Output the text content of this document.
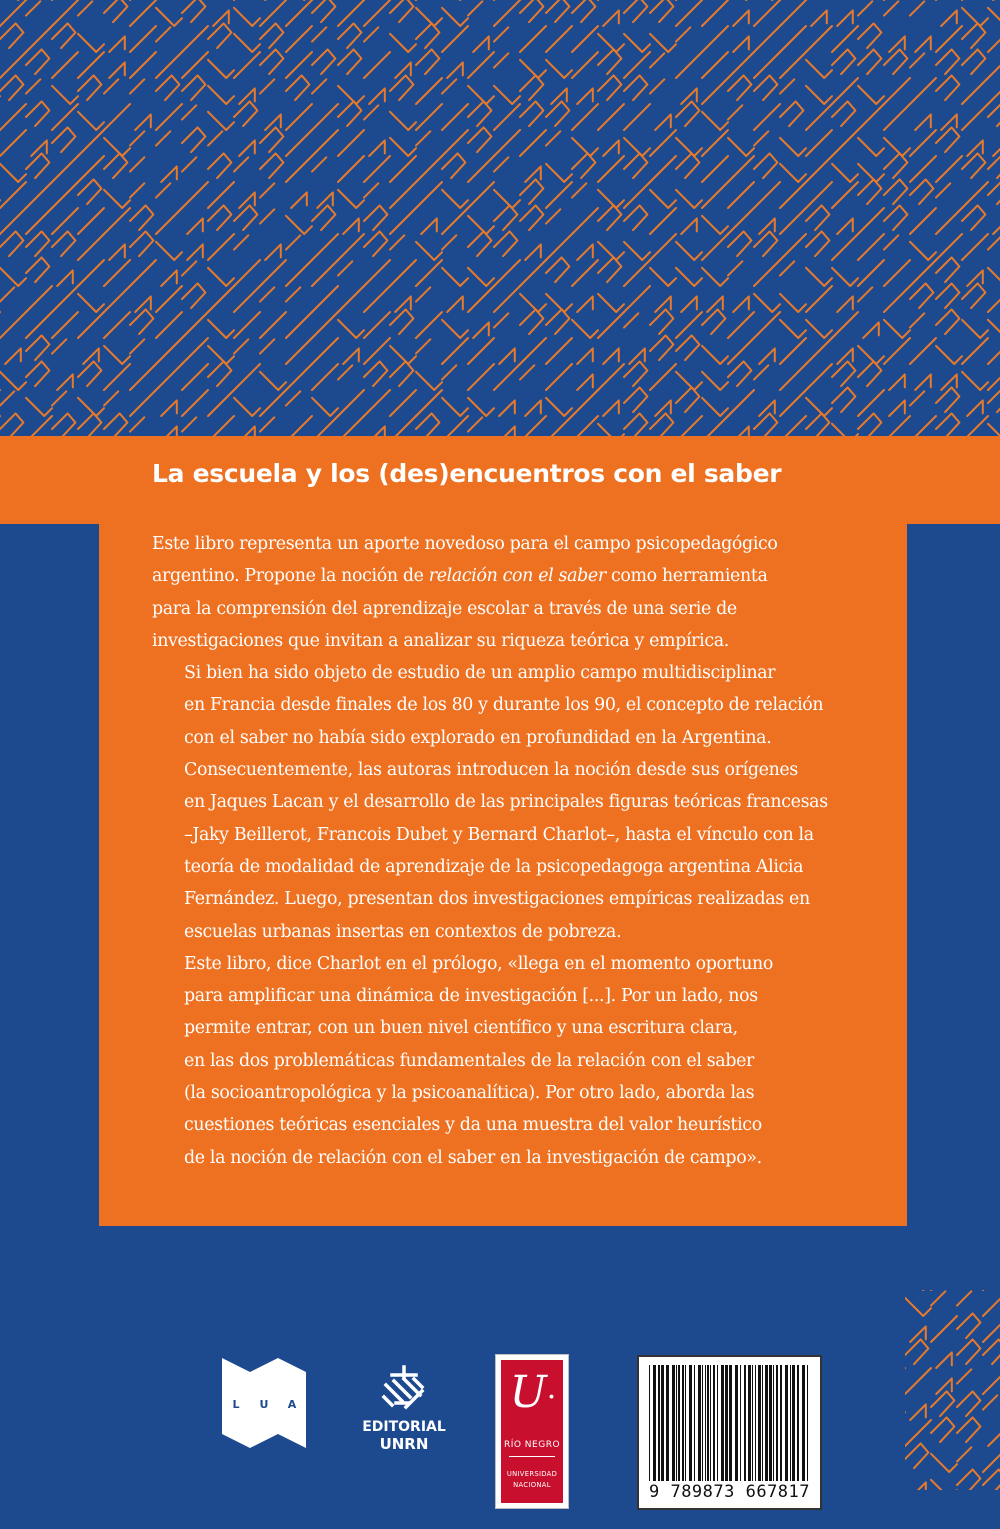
La escuela y los (des)encuentros con el saber

Este libro representa un aporte novedoso para el campo psicopedagógico
argentino. Propone la noción de relación con el saber como herramienta
para la comprensión del aprendizaje escolar a través de una serie de
investigaciones que invitan a analizar su riqueza teórica y empírica.

Si bien ha sido objeto de estudio de un amplio campo multidisciplinar
en Francia desde finales de los 80 y durante los 90, el concepto de relación
con el saber no había sido explorado en profundidad en la Argentina.
Consecuentemente, las autoras introducen la noción desde sus orígenes
en Jaques Lacan y el desarrollo de las principales figuras teóricas francesas
–Jaky Beillerot, Francois Dubet y Bernard Charlot–, hasta el vínculo con la
teoría de modalidad de aprendizaje de la psicopedagoga argentina Alicia
Fernández. Luego, presentan dos investigaciones empíricas realizadas en
escuelas urbanas insertas en contextos de pobreza.

Este libro, dice Charlot en el prólogo, «llega en el momento oportuno
para amplificar una dinámica de investigación [...]. Por un lado, nos
permite entrar, con un buen nivel científico y una escritura clara,
en las dos problemáticas fundamentales de la relación con el saber
(la socioantropológica y la psicoanalítica). Por otro lado, aborda las
cuestiones teóricas esenciales y da una muestra del valor heurístico
de la noción de relación con el saber en la investigación de campo».

L U A
EDITORIAL
UNRN
U·
RÍO NEGRO
UNIVERSIDAD
NACIONAL	9 789873 667817
